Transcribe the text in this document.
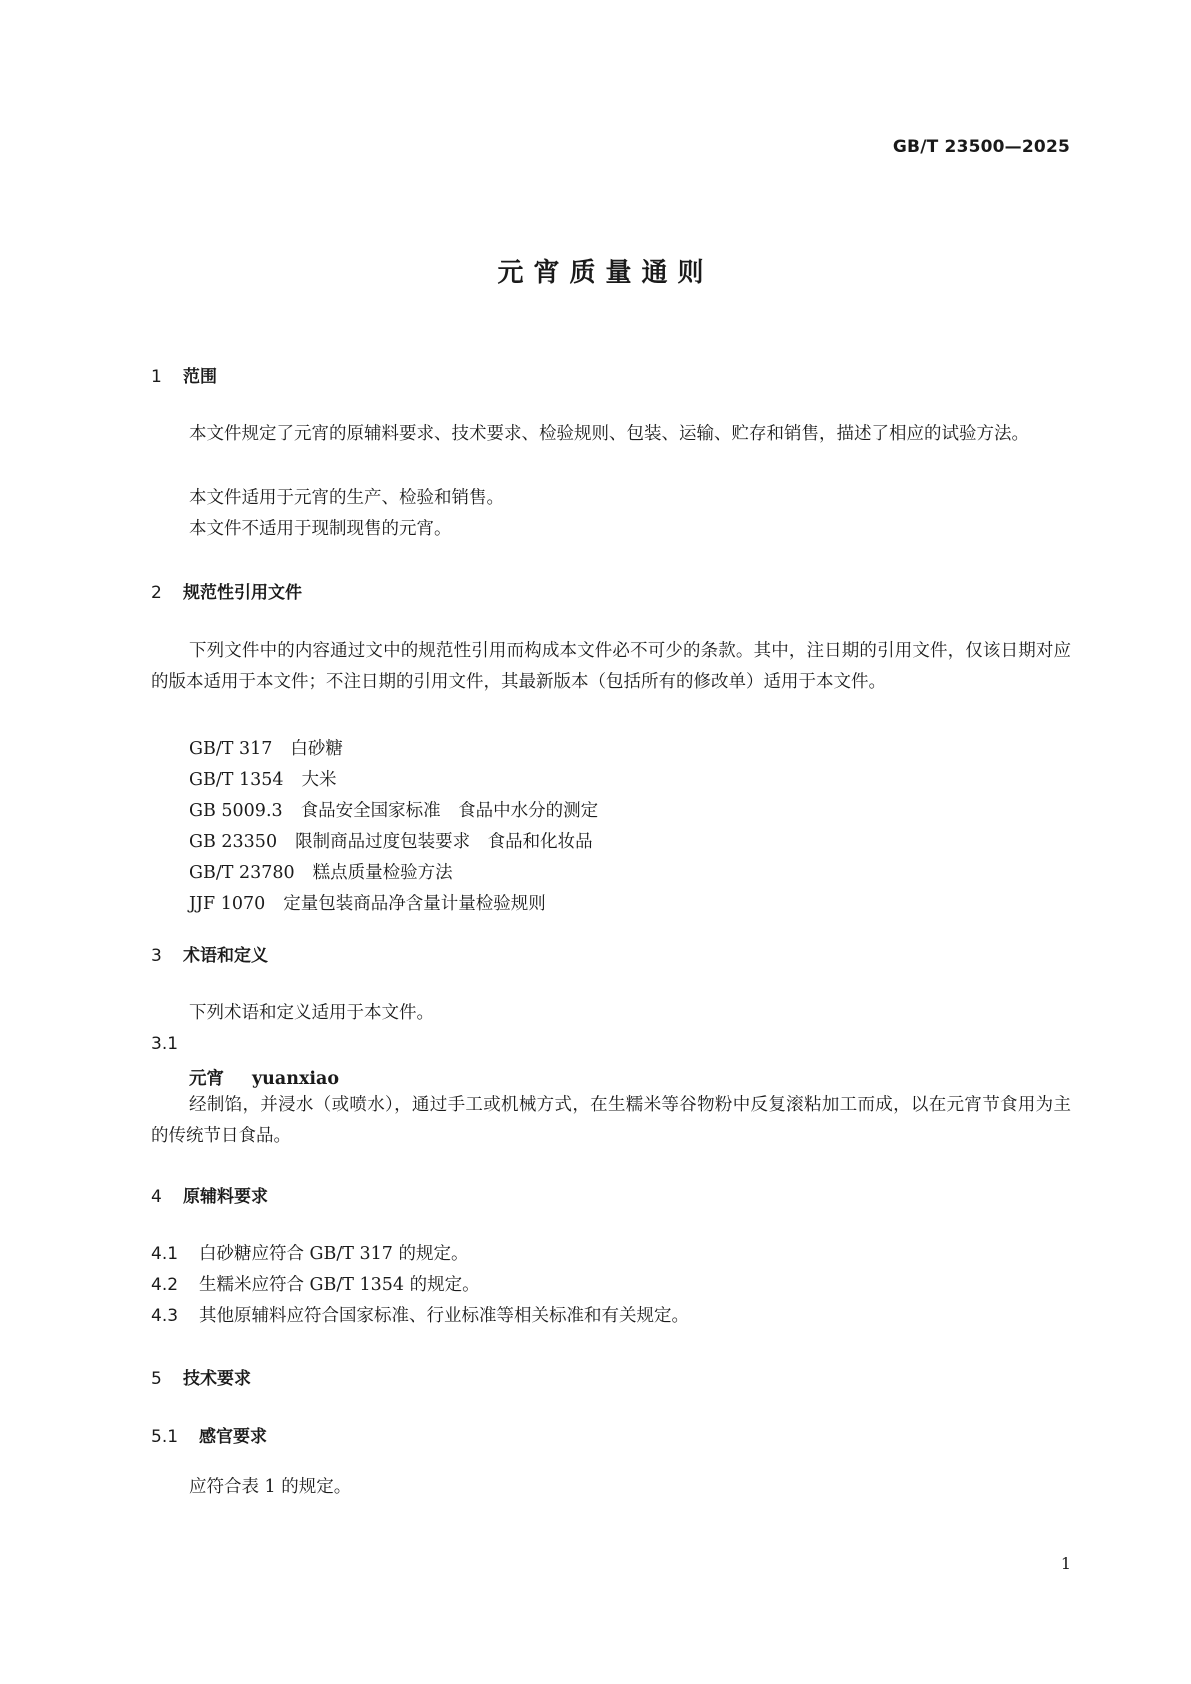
GB/T 23500—2025
元宵质量通则
1 范围
本文件规定了元宵的原辅料要求、技术要求、检验规则、包装、运输、贮存和销售，描述了相应的试验方法。
本文件适用于元宵的生产、检验和销售。
本文件不适用于现制现售的元宵。
2 规范性引用文件
下列文件中的内容通过文中的规范性引用而构成本文件必不可少的条款。其中，注日期的引用文件，仅该日期对应的版本适用于本文件；不注日期的引用文件，其最新版本（包括所有的修改单）适用于本文件。
GB/T 317 白砂糖
GB/T 1354 大米
GB 5009.3 食品安全国家标准　食品中水分的测定
GB 23350 限制商品过度包装要求　食品和化妆品
GB/T 23780 糕点质量检验方法
JJF 1070 定量包装商品净含量计量检验规则
3 术语和定义
下列术语和定义适用于本文件。
3.1
元宵 yuanxiao
经制馅，并浸水（或喷水），通过手工或机械方式，在生糯米等谷物粉中反复滚粘加工而成，以在元宵节食用为主的传统节日食品。
4 原辅料要求
4.1 白砂糖应符合 GB/T 317 的规定。
4.2 生糯米应符合 GB/T 1354 的规定。
4.3 其他原辅料应符合国家标准、行业标准等相关标准和有关规定。
5 技术要求
5.1 感官要求
应符合表 1 的规定。
1
